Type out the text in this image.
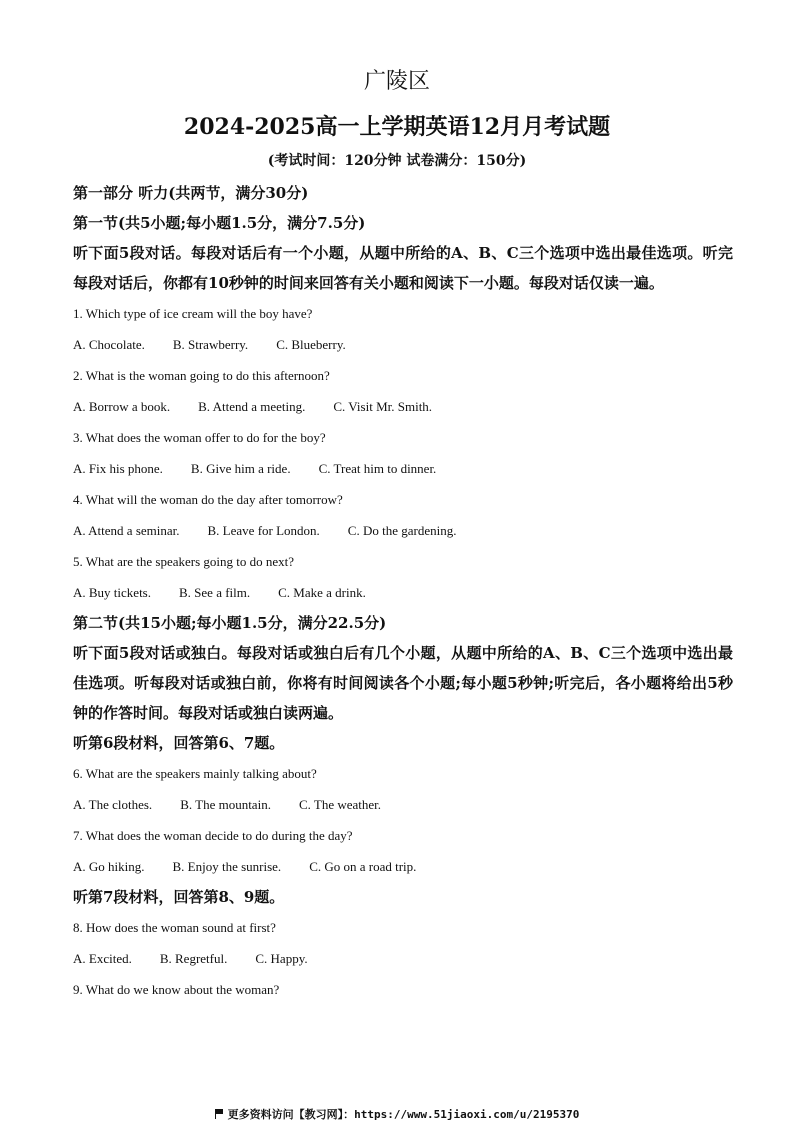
广陵区
2024-2025高一上学期英语12月月考试题
(考试时间：120分钟 试卷满分：150分)

第一部分 听力(共两节，满分30分)

第一节(共5小题;每小题1.5分，满分7.5分)

听下面5段对话。每段对话后有一个小题，从题中所给的A、B、C三个选项中选出最佳选项。听完每段对话后，你都有10秒钟的时间来回答有关小题和阅读下一小题。每段对话仅读一遍。

1. Which type of ice cream will the boy have?

A. Chocolate. B. Strawberry. C. Blueberry.

2. What is the woman going to do this afternoon?

A. Borrow a book. B. Attend a meeting. C. Visit Mr. Smith.

3. What does the woman offer to do for the boy?

A. Fix his phone. B. Give him a ride. C. Treat him to dinner.

4. What will the woman do the day after tomorrow?

A. Attend a seminar. B. Leave for London. C. Do the gardening.

5. What are the speakers going to do next?

A. Buy tickets. B. See a film. C. Make a drink.

第二节(共15小题;每小题1.5分，满分22.5分)

听下面5段对话或独白。每段对话或独白后有几个小题，从题中所给的A、B、C三个选项中选出最佳选项。听每段对话或独白前，你将有时间阅读各个小题;每小题5秒钟;听完后，各小题将给出5秒钟的作答时间。每段对话或独白读两遍。

听第6段材料，回答第6、7题。

6. What are the speakers mainly talking about?

A. The clothes. B. The mountain. C. The weather.

7. What does the woman decide to do during the day?

A. Go hiking. B. Enjoy the sunrise. C. Go on a road trip.

听第7段材料，回答第8、9题。

8. How does the woman sound at first?

A. Excited. B. Regretful. C. Happy.

9. What do we know about the woman?

更多资料访问【教习网】：https://www.51jiaoxi.com/u/2195370
